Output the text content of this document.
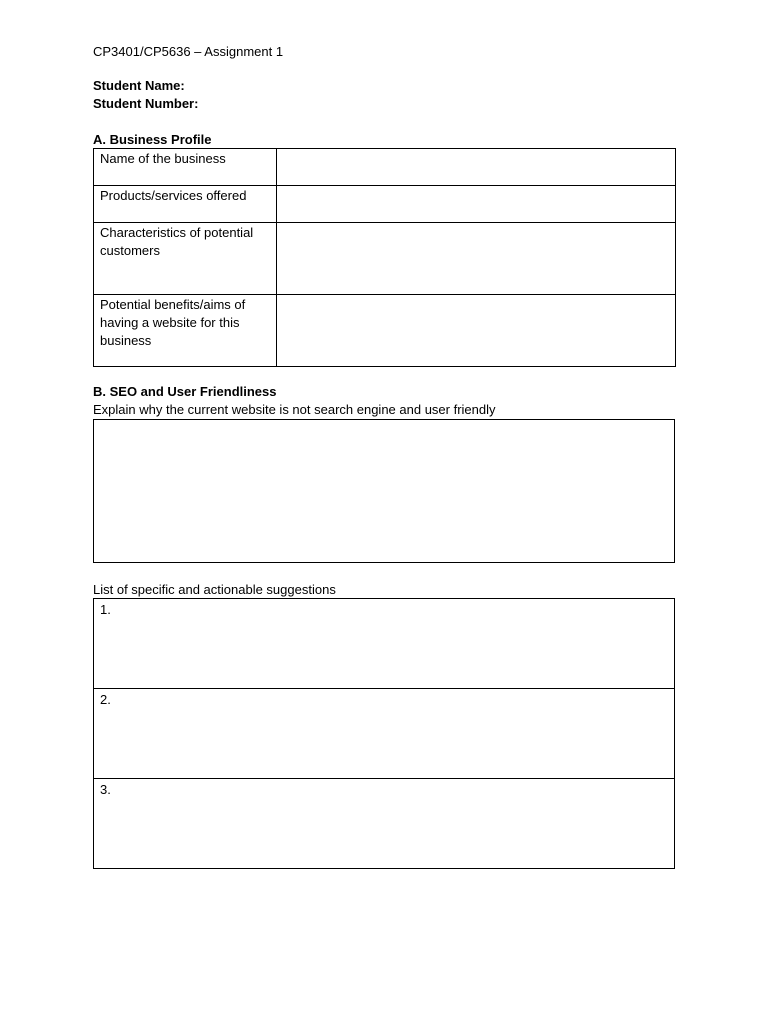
CP3401/CP5636 – Assignment 1
Student Name:
Student Number:
A. Business Profile
Name of the business	
Products/services offered	
Characteristics of potential customers	
Potential benefits/aims of having a website for this business	
B. SEO and User Friendliness
Explain why the current website is not search engine and user friendly
List of specific and actionable suggestions
1.
2.
3.
